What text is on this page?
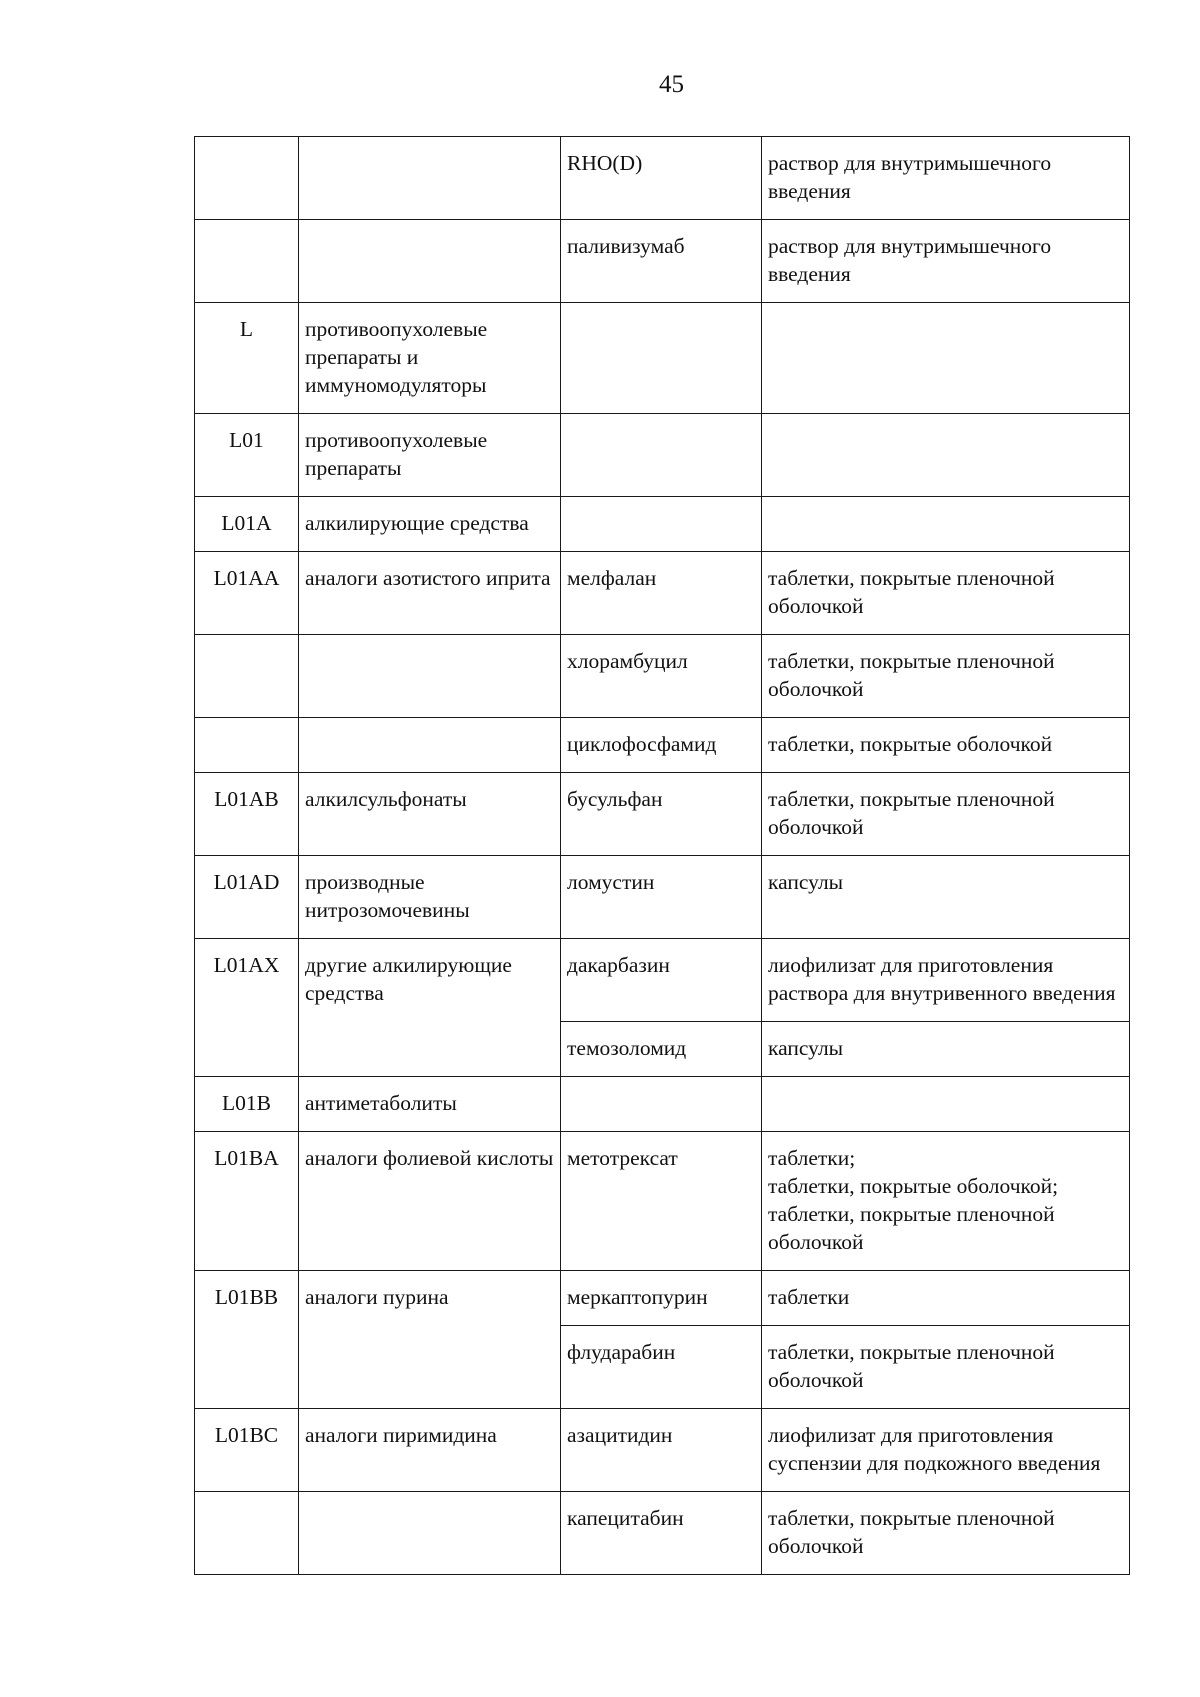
45
		RHO(D)	раствор для внутримышечного введения

		паливизумаб	раствор для внутримышечного введения

L	противоопухолевые препараты и иммуномодуляторы		
L01	противоопухолевые препараты		
L01A	алкилирующие средства		
L01AA	аналоги азотистого иприта	мелфалан	таблетки, покрытые пленочной оболочкой

		хлорамбуцил	таблетки, покрытые пленочной оболочкой

		циклофосфамид	таблетки, покрытые оболочкой

L01AB	алкилсульфонаты	бусульфан	таблетки, покрытые пленочной оболочкой

L01AD	производные нитрозомочевины	ломустин	капсулы

L01AX	другие алкилирующие средства	дакарбазин	лиофилизат для приготовления раствора для внутривенного введения

		темозоломид	капсулы

L01B	антиметаболиты		
L01BA	аналоги фолиевой кислоты	метотрексат	таблетки;
таблетки, покрытые оболочкой;
таблетки, покрытые пленочной оболочкой

L01BB	аналоги пурина	меркаптопурин	таблетки

		флударабин	таблетки, покрытые пленочной оболочкой

L01BC	аналоги пиримидина	азацитидин	лиофилизат для приготовления суспензии для подкожного введения

		капецитабин	таблетки, покрытые пленочной оболочкой
